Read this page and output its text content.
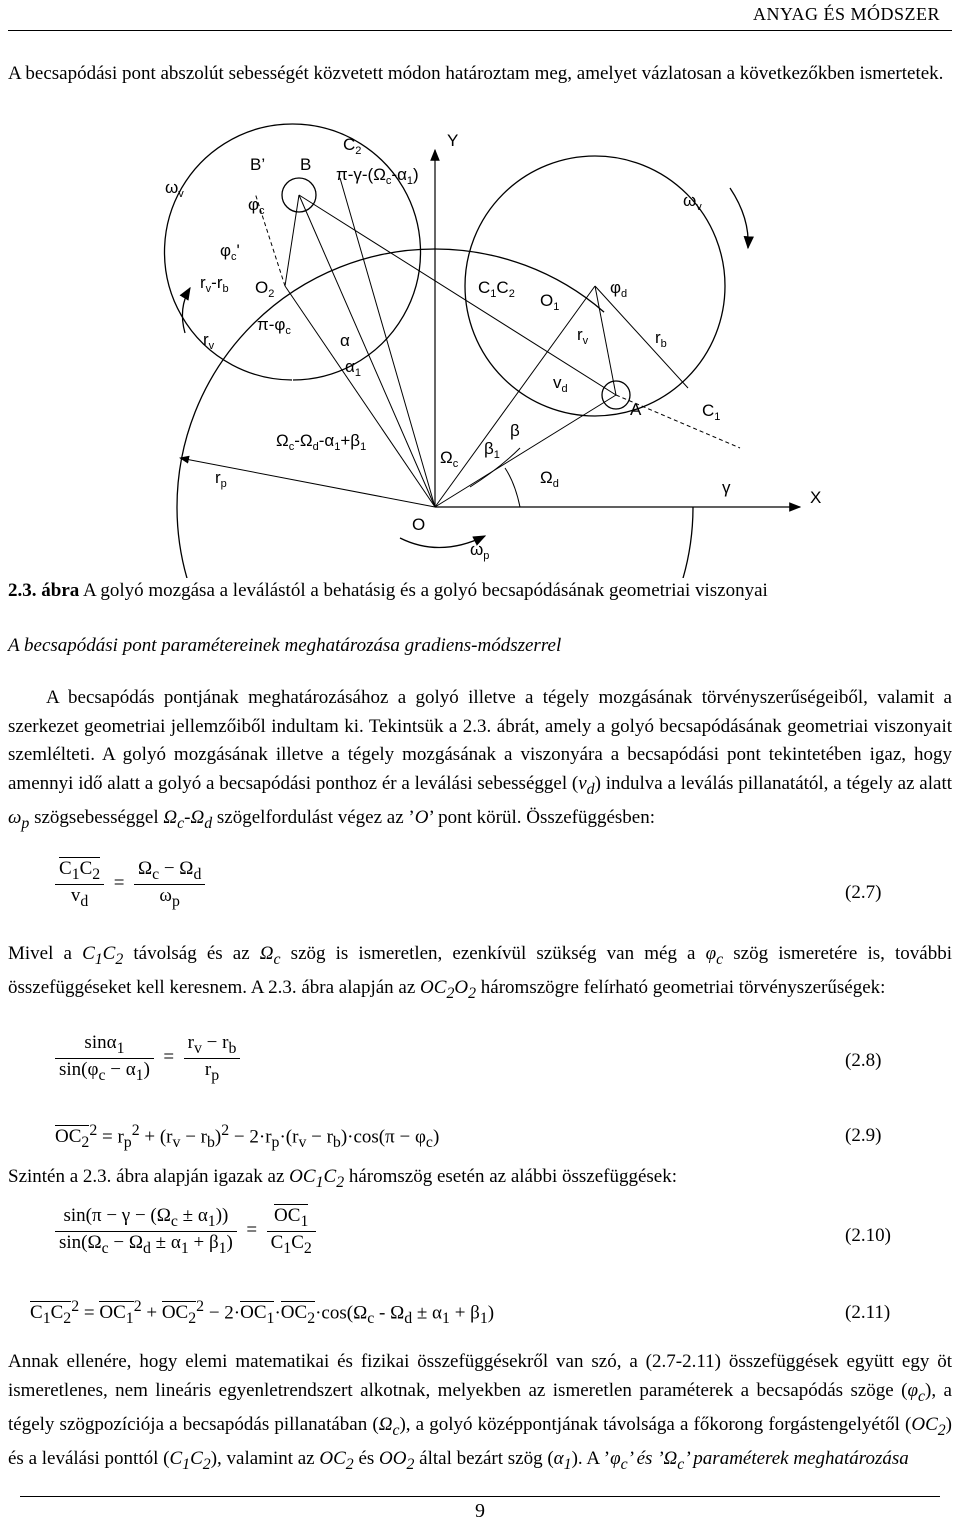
ANYAG ÉS MÓDSZER
A becsapódási pont abszolút sebességét közvetett módon határoztam meg, amelyet vázlatosan a következőkben ismertetek.
$\omega_v$
B’ B
$C_2$
Y
$\pi-\gamma-(\Omega_c-\alpha_1)$
$\omega_v$
$\varphi_c$
$\varphi_c'$
$r_v-r_b$ $O_2$
$\pi-\varphi_c$
$r_v$	α
$\alpha_1$
$C_1C_2$ $O_1$
$\varphi_d$
$r_v$	$r_b$
$v_d$
A	$C_1$
$\Omega_c-\Omega_d-\alpha_1+\beta_1$
β
$\beta_1$
$\Omega_c$
$\Omega_d$
$r_p$	γ
X
O
$\omega_p$
2.3. ábra A golyó mozgása a leválástól a behatásig és a golyó becsapódásának geometriai viszonyai
A becsapódási pont paramétereinek meghatározása gradiens-módszerrel

  A becsapódás pontjának meghatározásához a golyó illetve a tégely mozgásának törvényszerűségeiből, valamit a szerkezet geometriai jellemzőiből indultam ki. Tekintsük a 2.3. ábrát, amely a golyó becsapódásának geometriai viszonyait szemlélteti. A golyó mozgásának illetve a tégely mozgásának a viszonyára a becsapódási pont tekintetében igaz, hogy amennyi idő alatt a golyó a becsapódási ponthoz ér a leválási sebességgel $(v_d)$ indulva a leválás pillanatától, a tégely az alatt $\omega_p$ szögsebességgel $\Omega_c-\Omega_d$ szögelfordulást végez az ’O’ pont körül. Összefüggésben:

$\frac{C_1C_2}{v_d} = \frac{\Omega_c - \Omega_d}{\omega_p}$	(2.7)

Mivel a $C_1C_2$ távolság és az $\Omega_c$ szög is ismeretlen, ezenkívül szükség van még a $\varphi_c$ szög ismeretére is, további összefüggéseket kell keresnem. A 2.3. ábra alapján az $OC_2O_2$ háromszögre felírható geometriai törvényszerűségek:

$\frac{\sin\alpha_1}{\sin(\varphi_c - \alpha_1)} = \frac{r_v - r_b}{r_p}$	(2.8)
$OC_2^2 = r_p^2 + (r_v - r_b)^2 - 2\cdot r_p\cdot(r_v - r_b)\cdot\cos(\pi - \varphi_c)$	(2.9)

Szintén a 2.3. ábra alapján igazak az $OC_1C_2$ háromszög esetén az alábbi összefüggések:

$\frac{\sin(\pi - \gamma - (\Omega_c \pm \alpha_1))}{\sin(\Omega_c - \Omega_d \pm \alpha_1 + \beta_1)} = \frac{OC_1}{C_1C_2}$	(2.10)
$C_1C_2^2 = OC_1^2 + OC_2^2 - 2\cdot OC_1\cdot OC_2\cdot\cos(\Omega_c - \Omega_d \pm \alpha_1 + \beta_1)$	(2.11)

Annak ellenére, hogy elemi matematikai és fizikai összefüggésekről van szó, a (2.7-2.11) összefüggések együtt egy öt ismeretlenes, nem lineáris egyenletrendszert alkotnak, melyekben az ismeretlen paraméterek a becsapódás szöge $(\varphi_c)$, a tégely szögpozíciója a becsapódás pillanatában $(\Omega_c)$, a golyó középpontjának távolsága a főkorong forgástengelyétől $(OC_2)$ és a leválási ponttól $(C_1C_2)$, valamint az $OC_2$ és $OO_2$ által bezárt szög $(\alpha_1)$. A $’\varphi_c$’ és $’\Omega_c$’ paraméterek meghatározása

9
